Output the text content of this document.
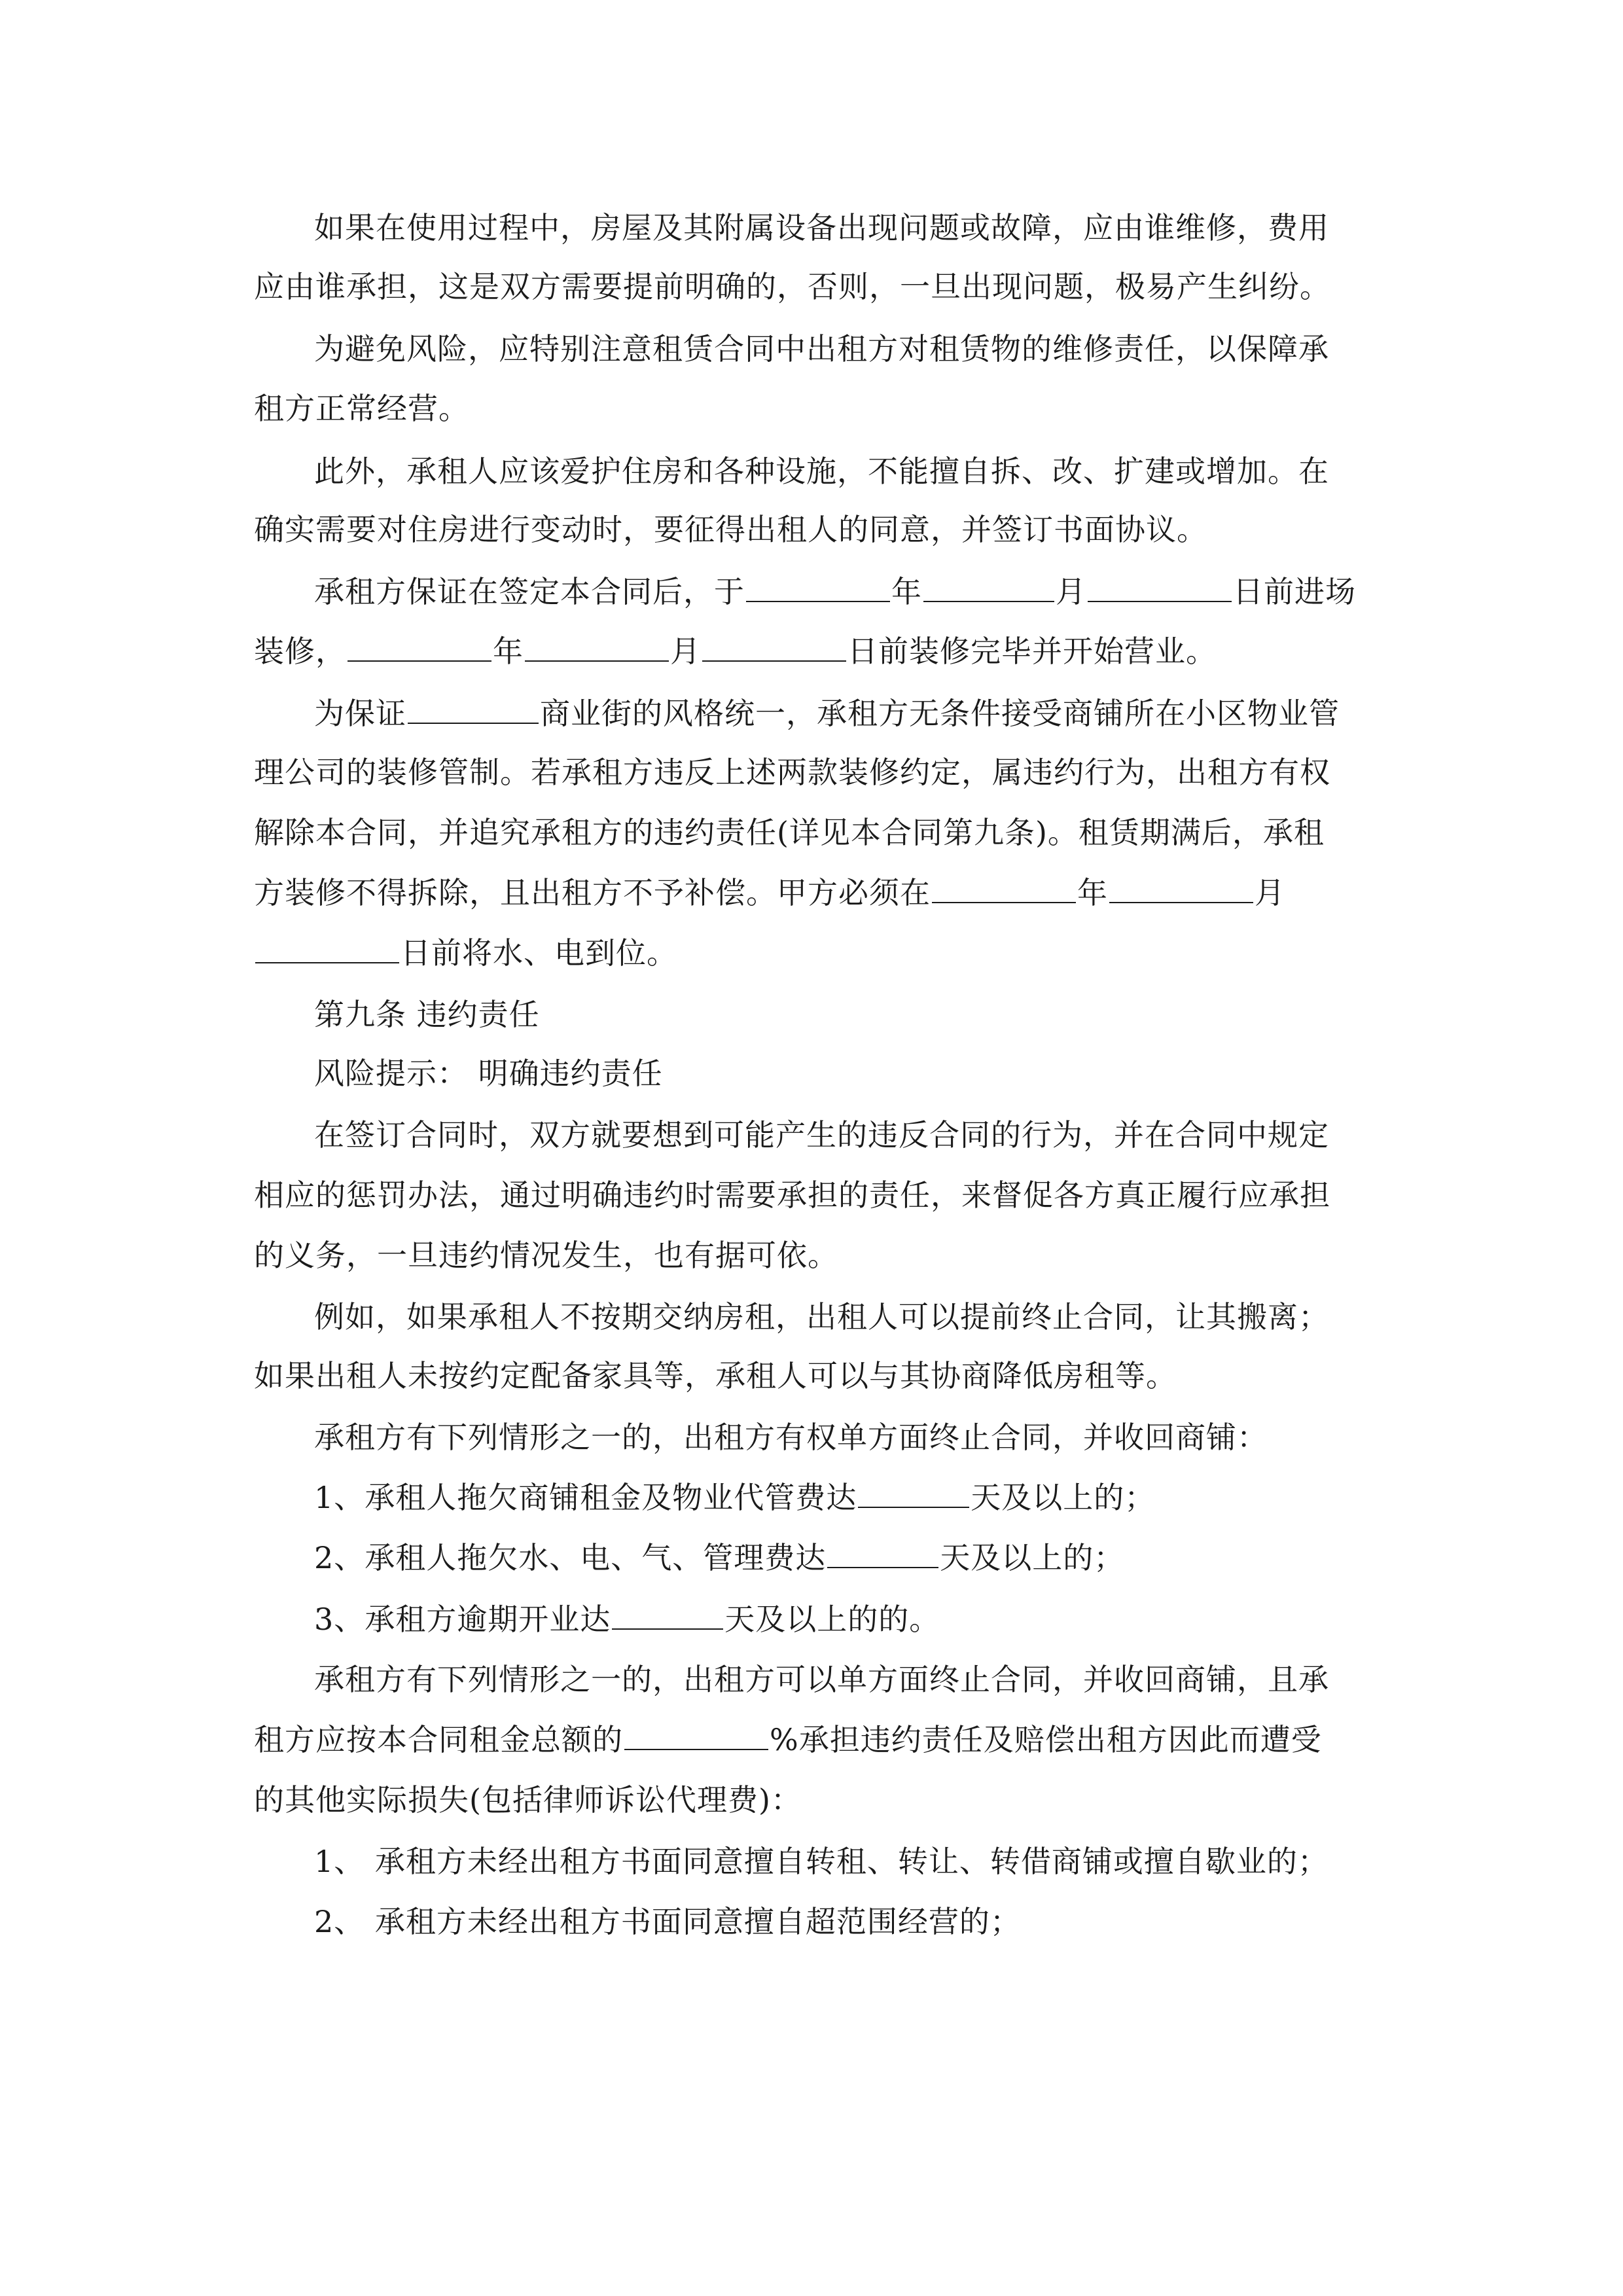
如果在使用过程中，房屋及其附属设备出现问题或故障，应由谁维修，费用
应由谁承担，这是双方需要提前明确的，否则，一旦出现问题，极易产生纠纷。
为避免风险，应特别注意租赁合同中出租方对租赁物的维修责任，以保障承
租方正常经营。
此外，承租人应该爱护住房和各种设施，不能擅自拆、改、扩建或增加。在
确实需要对住房进行变动时，要征得出租人的同意，并签订书面协议。
承租方保证在签定本合同后，于	年	月	日前进场
装修，	年	月	日前装修完毕并开始营业。
为保证	商业街的风格统一，承租方无条件接受商铺所在小区物业管
理公司的装修管制。若承租方违反上述两款装修约定，属违约行为，出租方有权
解除本合同，并追究承租方的违约责任(详见本合同第九条)。租赁期满后，承租
方装修不得拆除，且出租方不予补偿。甲方必须在	年	月
日前将水、电到位。
第九条 违约责任
风险提示： 明确违约责任
在签订合同时，双方就要想到可能产生的违反合同的行为，并在合同中规定
相应的惩罚办法，通过明确违约时需要承担的责任，来督促各方真正履行应承担
的义务，一旦违约情况发生，也有据可依。
例如，如果承租人不按期交纳房租，出租人可以提前终止合同，让其搬离；
如果出租人未按约定配备家具等，承租人可以与其协商降低房租等。
承租方有下列情形之一的，出租方有权单方面终止合同，并收回商铺：
1、承租人拖欠商铺租金及物业代管费达	天及以上的；
2、承租人拖欠水、电、气、管理费达	天及以上的；
3、承租方逾期开业达	天及以上的的。
承租方有下列情形之一的，出租方可以单方面终止合同，并收回商铺，且承
租方应按本合同租金总额的	%承担违约责任及赔偿出租方因此而遭受
的其他实际损失(包括律师诉讼代理费)：
1、 承租方未经出租方书面同意擅自转租、转让、转借商铺或擅自歇业的；
2、 承租方未经出租方书面同意擅自超范围经营的；
